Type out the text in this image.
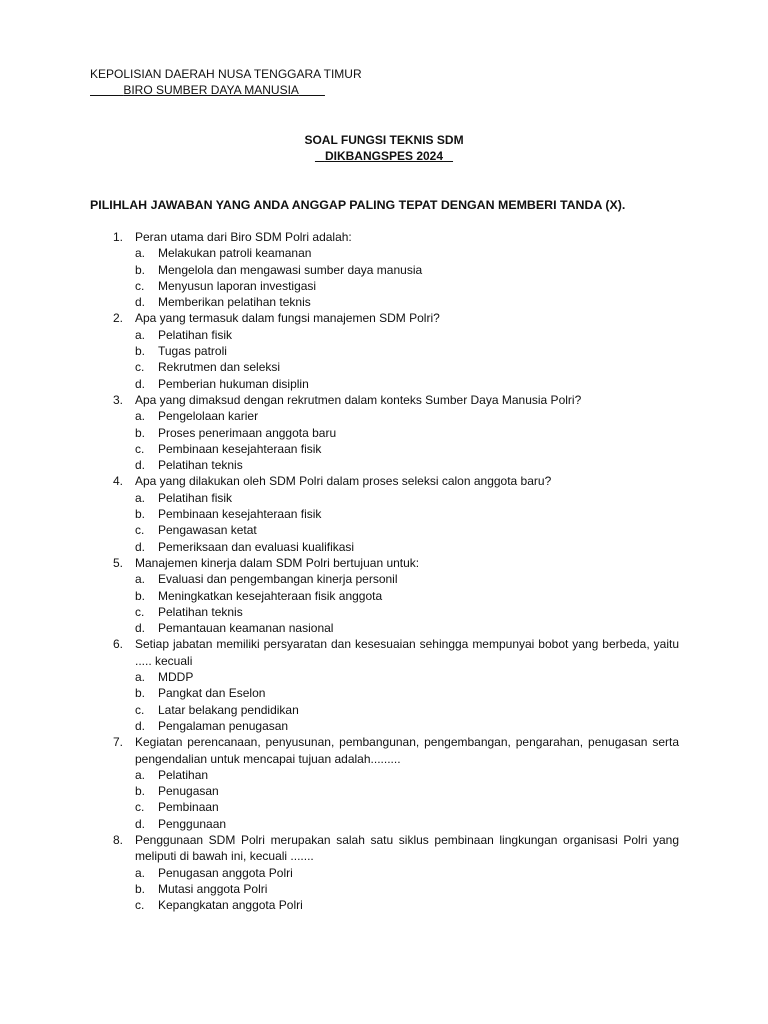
KEPOLISIAN DAERAH NUSA TENGGARA TIMUR
BIRO SUMBER DAYA MANUSIA
SOAL FUNGSI TEKNIS SDM
DIKBANGSPES 2024
PILIHLAH JAWABAN YANG ANDA ANGGAP PALING TEPAT DENGAN MEMBERI TANDA (X).
1. Peran utama dari Biro SDM Polri adalah:
a.	Melakukan patroli keamanan
b.	Mengelola dan mengawasi sumber daya manusia
c.	Menyusun laporan investigasi
d.	Memberikan pelatihan teknis
2. Apa yang termasuk dalam fungsi manajemen SDM Polri?
a.	Pelatihan fisik
b.	Tugas patroli
c.	Rekrutmen dan seleksi
d.	Pemberian hukuman disiplin
3. Apa yang dimaksud dengan rekrutmen dalam konteks Sumber Daya Manusia Polri?
a.	Pengelolaan karier
b.	Proses penerimaan anggota baru
c.	Pembinaan kesejahteraan fisik
d.	Pelatihan teknis
4. Apa yang dilakukan oleh SDM Polri dalam proses seleksi calon anggota baru?
a.	Pelatihan fisik
b.	Pembinaan kesejahteraan fisik
c.	Pengawasan ketat
d.	Pemeriksaan dan evaluasi kualifikasi
5. Manajemen kinerja dalam SDM Polri bertujuan untuk:
a.	Evaluasi dan pengembangan kinerja personil
b.	Meningkatkan kesejahteraan fisik anggota
c.	Pelatihan teknis
d.	Pemantauan keamanan nasional
6. Setiap jabatan memiliki persyaratan dan kesesuaian sehingga mempunyai bobot yang berbeda, yaitu ..... kecuali
a.	MDDP
b.	Pangkat dan Eselon
c.	Latar belakang pendidikan
d.	Pengalaman penugasan
7. Kegiatan perencanaan, penyusunan, pembangunan, pengembangan, pengarahan, penugasan serta pengendalian untuk mencapai tujuan adalah.........
a.	Pelatihan
b.	Penugasan
c.	Pembinaan
d.	Penggunaan
8. Penggunaan SDM Polri merupakan salah satu siklus pembinaan lingkungan organisasi Polri yang meliputi di bawah ini, kecuali .......
a.	Penugasan anggota Polri
b.	Mutasi anggota Polri
c.	Kepangkatan anggota Polri
